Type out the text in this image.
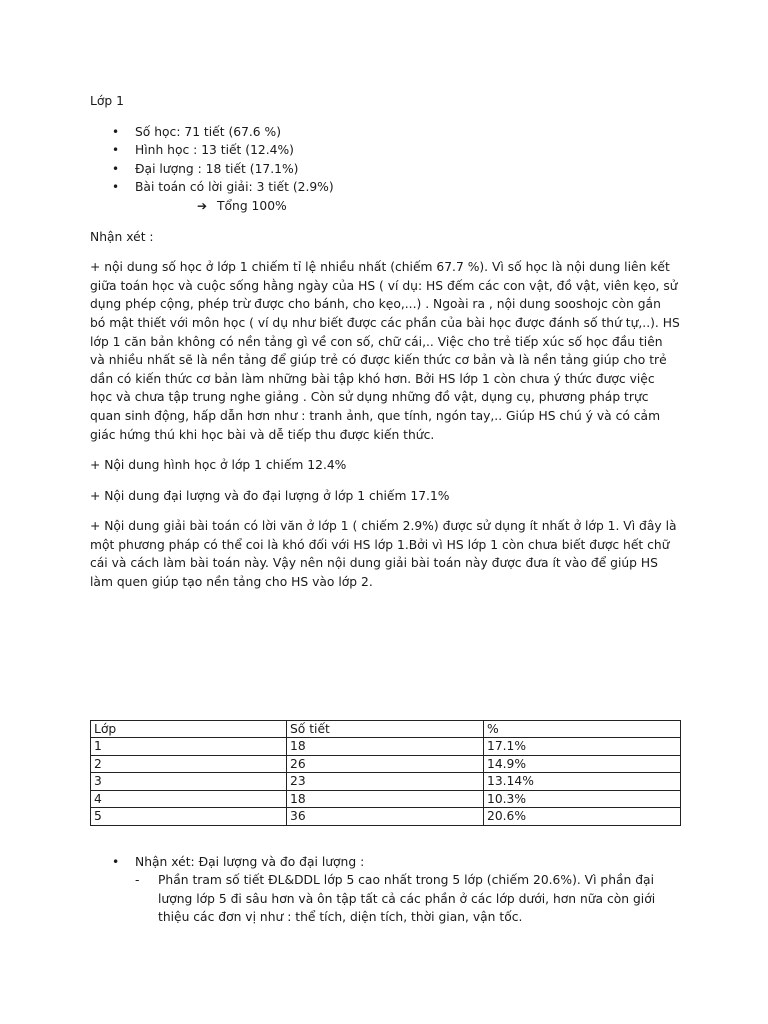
Lớp 1

• Số học: 71 tiết (67.6 %)
• Hình học : 13 tiết (12.4%)
• Đại lượng : 18 tiết (17.1%)
• Bài toán có lời giải: 3 tiết (2.9%)

➔ Tổng 100%

Nhận xét :

+ nội dung số học ở lớp 1 chiếm tỉ lệ nhiều nhất (chiếm 67.7 %). Vì số học là nội dung liên kết giữa toán học và cuộc sống hằng ngày của HS ( ví dụ: HS đếm các con vật, đồ vật, viên kẹo, sử dụng phép cộng, phép trừ được cho bánh, cho kẹo,...) . Ngoài ra , nội dung sooshojc còn gắn bó mật thiết với môn học ( ví dụ như biết được các phần của bài học được đánh số thứ tự,..). HS lớp 1 căn bản không có nền tảng gì về con số, chữ cái,.. Việc cho trẻ tiếp xúc số học đầu tiên và nhiều nhất sẽ là nền tảng để giúp trẻ có được kiến thức cơ bản và là nền tảng giúp cho trẻ dần có kiến thức cơ bản làm những bài tập khó hơn. Bởi HS lớp 1 còn chưa ý thức được việc học và chưa tập trung nghe giảng . Còn sử dụng những đồ vật, dụng cụ, phương pháp trực quan sinh động, hấp dẫn hơn như : tranh ảnh, que tính, ngón tay,.. Giúp HS chú ý và có cảm giác hứng thú khi học bài và dễ tiếp thu được kiến thức.

+ Nội dung hình học ở lớp 1 chiếm 12.4%

+ Nội dung đại lượng và đo đại lượng ở lớp 1 chiếm 17.1%

+ Nội dung giải bài toán có lời văn ở lớp 1 ( chiếm 2.9%) được sử dụng ít nhất ở lớp 1. Vì đây là một phương pháp có thể coi là khó đối với HS lớp 1.Bởi vì HS lớp 1 còn chưa biết được hết chữ cái và cách làm bài toán này. Vậy nên nội dung giải bài toán này được đưa ít vào để giúp HS làm quen giúp tạo nền tảng cho HS vào lớp 2.

Lớp	Số tiết	%
1	18	17.1%
2	26	14.9%
3	23	13.14%
4	18	10.3%
5	36	20.6%

• Nhận xét: Đại lượng và đo đại lượng :

- Phần tram số tiết ĐL&DDL lớp 5 cao nhất trong 5 lớp (chiếm 20.6%). Vì phần đại lượng lớp 5 đi sâu hơn và ôn tập tất cả các phần ở các lớp dưới, hơn nữa còn giới thiệu các đơn vị như : thể tích, diện tích, thời gian, vận tốc.
